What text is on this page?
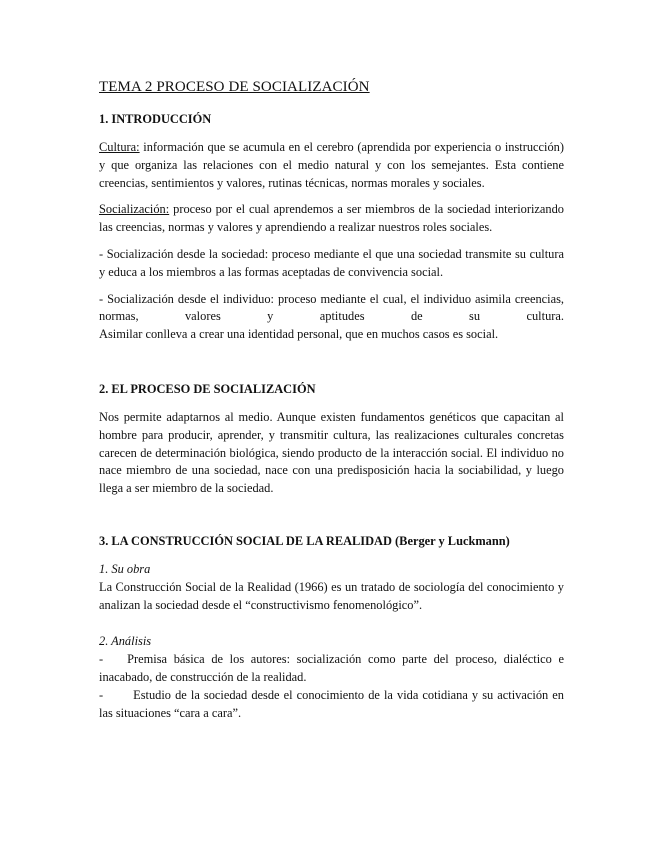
TEMA 2 PROCESO DE SOCIALIZACIÓN
1. INTRODUCCIÓN

Cultura: información que se acumula en el cerebro (aprendida por experiencia o instrucción) y que organiza las relaciones con el medio natural y con los semejantes. Esta contiene creencias, sentimientos y valores, rutinas técnicas, normas morales y sociales.

Socialización: proceso por el cual aprendemos a ser miembros de la sociedad interiorizando las creencias, normas y valores y aprendiendo a realizar nuestros roles sociales.

- Socialización desde la sociedad: proceso mediante el que una sociedad transmite su cultura y educa a los miembros a las formas aceptadas de convivencia social.

- Socialización desde el individuo: proceso mediante el cual, el individuo asimila creencias, normas, valores y aptitudes de su cultura.

Asimilar conlleva a crear una identidad personal, que en muchos casos es social.

2. EL PROCESO DE SOCIALIZACIÓN

Nos permite adaptarnos al medio. Aunque existen fundamentos genéticos que capacitan al hombre para producir, aprender, y transmitir cultura, las realizaciones culturales concretas carecen de determinación biológica, siendo producto de la interacción social. El individuo no nace miembro de una sociedad, nace con una predisposición hacia la sociabilidad, y luego llega a ser miembro de la sociedad.

3. LA CONSTRUCCIÓN SOCIAL DE LA REALIDAD (Berger y Luckmann)
1. Su obra

La Construcción Social de la Realidad (1966) es un tratado de sociología del conocimiento y analizan la sociedad desde el “constructivismo fenomenológico”.

2. Análisis
- Premisa básica de los autores: socialización como parte del proceso, dialéctico e inacabado, de construcción de la realidad.
- Estudio de la sociedad desde el conocimiento de la vida cotidiana y su activación en las situaciones “cara a cara”.
